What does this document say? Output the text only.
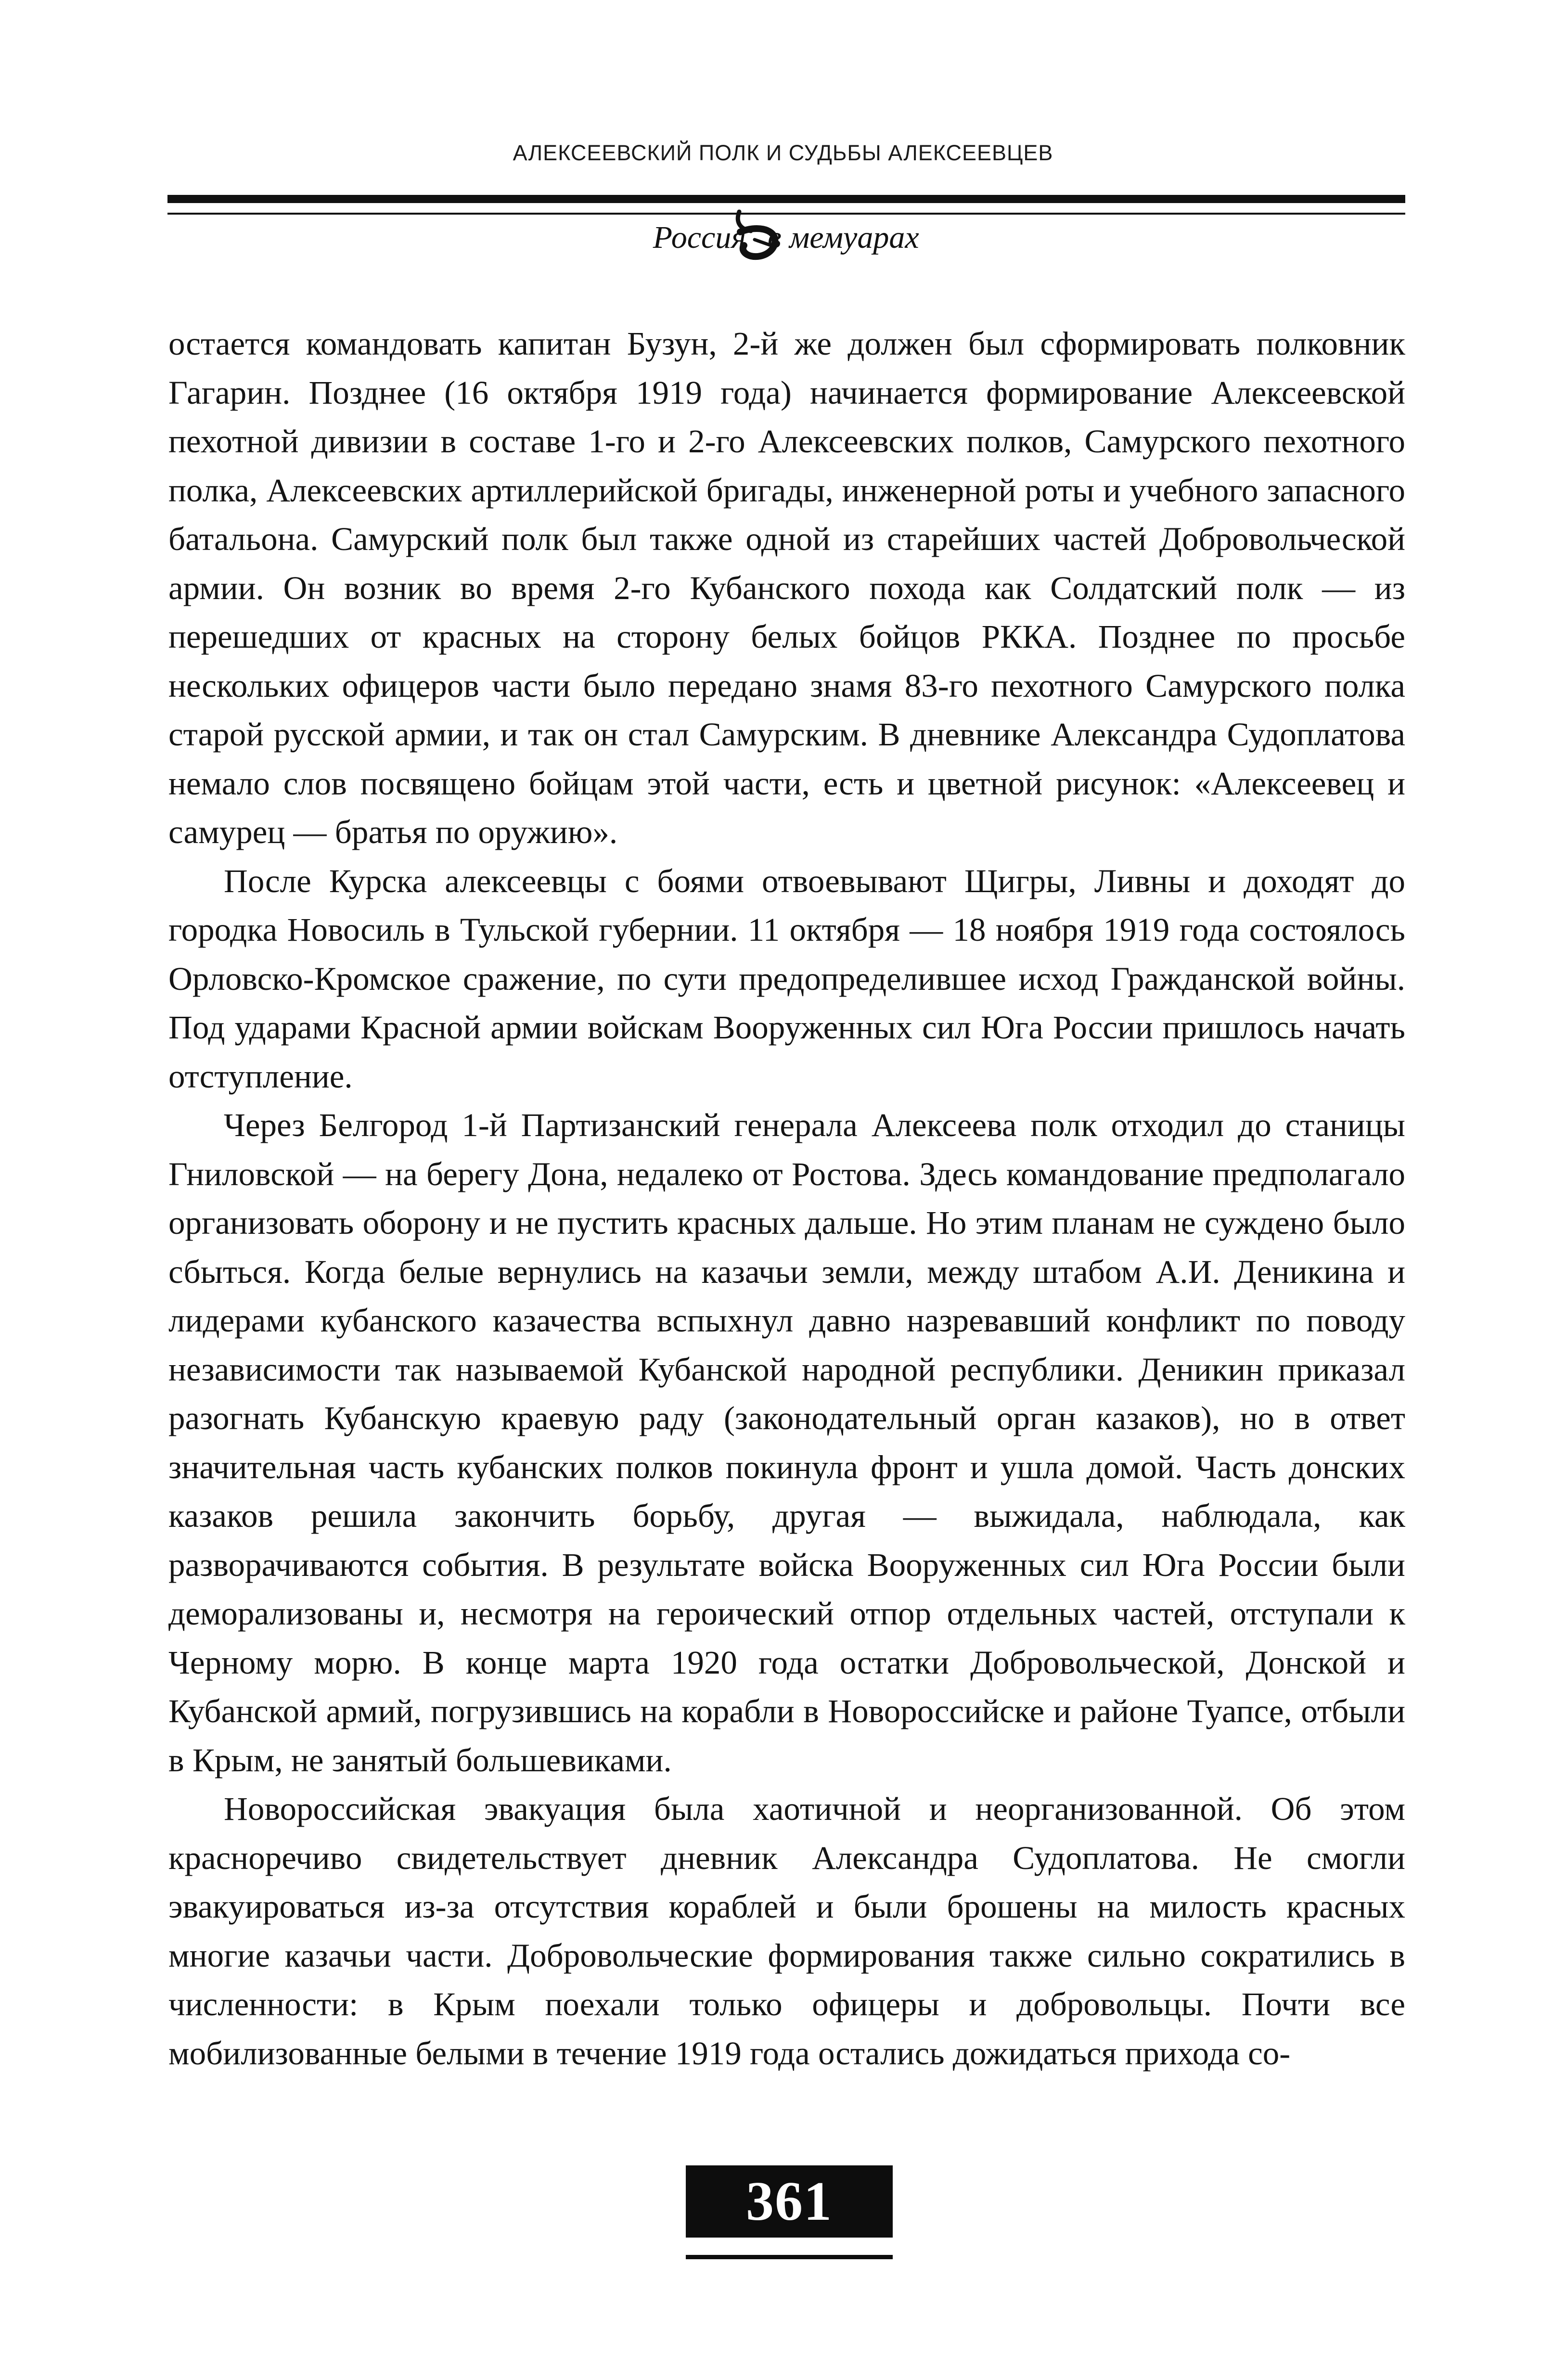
АЛЕКСЕЕВСКИЙ ПОЛК И СУДЬБЫ АЛЕКСЕЕВЦЕВ
Россия в мемуарах

остается командовать капитан Бузун, 2-й же должен был сформировать полковник Гагарин. Позднее (16 октября 1919 года) начинается формирование Алексеевской пехотной дивизии в составе 1-го и 2-го Алексеевских полков, Самурского пехотного полка, Алексеевских артиллерийской бригады, инженерной роты и учебного запасного батальона. Самурский полк был также одной из старейших частей Добровольческой армии. Он возник во время 2-го Кубанского похода как Солдатский полк — из перешедших от красных на сторону белых бойцов РККА. Позднее по просьбе нескольких офицеров части было передано знамя 83-го пехотного Самурского полка старой русской армии, и так он стал Самурским. В дневнике Александра Судоплатова немало слов посвящено бойцам этой части, есть и цветной рисунок: «Алексеевец и самурец — братья по оружию».

После Курска алексеевцы с боями отвоевывают Щигры, Ливны и доходят до городка Новосиль в Тульской губернии. 11 октября — 18 ноября 1919 года состоялось Орловско-Кромское сражение, по сути предопределившее исход Гражданской войны. Под ударами Красной армии войскам Вооруженных сил Юга России пришлось начать отступление.

Через Белгород 1-й Партизанский генерала Алексеева полк отходил до станицы Гниловской — на берегу Дона, недалеко от Ростова. Здесь командование предполагало организовать оборону и не пустить красных дальше. Но этим планам не суждено было сбыться. Когда белые вернулись на казачьи земли, между штабом А.И. Деникина и лидерами кубанского казачества вспыхнул давно назревавший конфликт по поводу независимости так называемой Кубанской народной республики. Деникин приказал разогнать Кубанскую краевую раду (законодательный орган казаков), но в ответ значительная часть кубанских полков покинула фронт и ушла домой. Часть донских казаков решила закончить борьбу, другая — выжидала, наблюдала, как разворачиваются события. В результате войска Вооруженных сил Юга России были деморализованы и, несмотря на героический отпор отдельных частей, отступали к Черному морю. В конце марта 1920 года остатки Добровольческой, Донской и Кубанской армий, погрузившись на корабли в Новороссийске и районе Туапсе, отбыли в Крым, не занятый большевиками.

Новороссийская эвакуация была хаотичной и неорганизованной. Об этом красноречиво свидетельствует дневник Александра Судоплатова. Не смогли эвакуироваться из-за отсутствия кораблей и были брошены на милость красных многие казачьи части. Добровольческие формирования также сильно сократились в численности: в Крым поехали только офицеры и добровольцы. Почти все мобилизованные белыми в течение 1919 года остались дожидаться прихода со-

361
